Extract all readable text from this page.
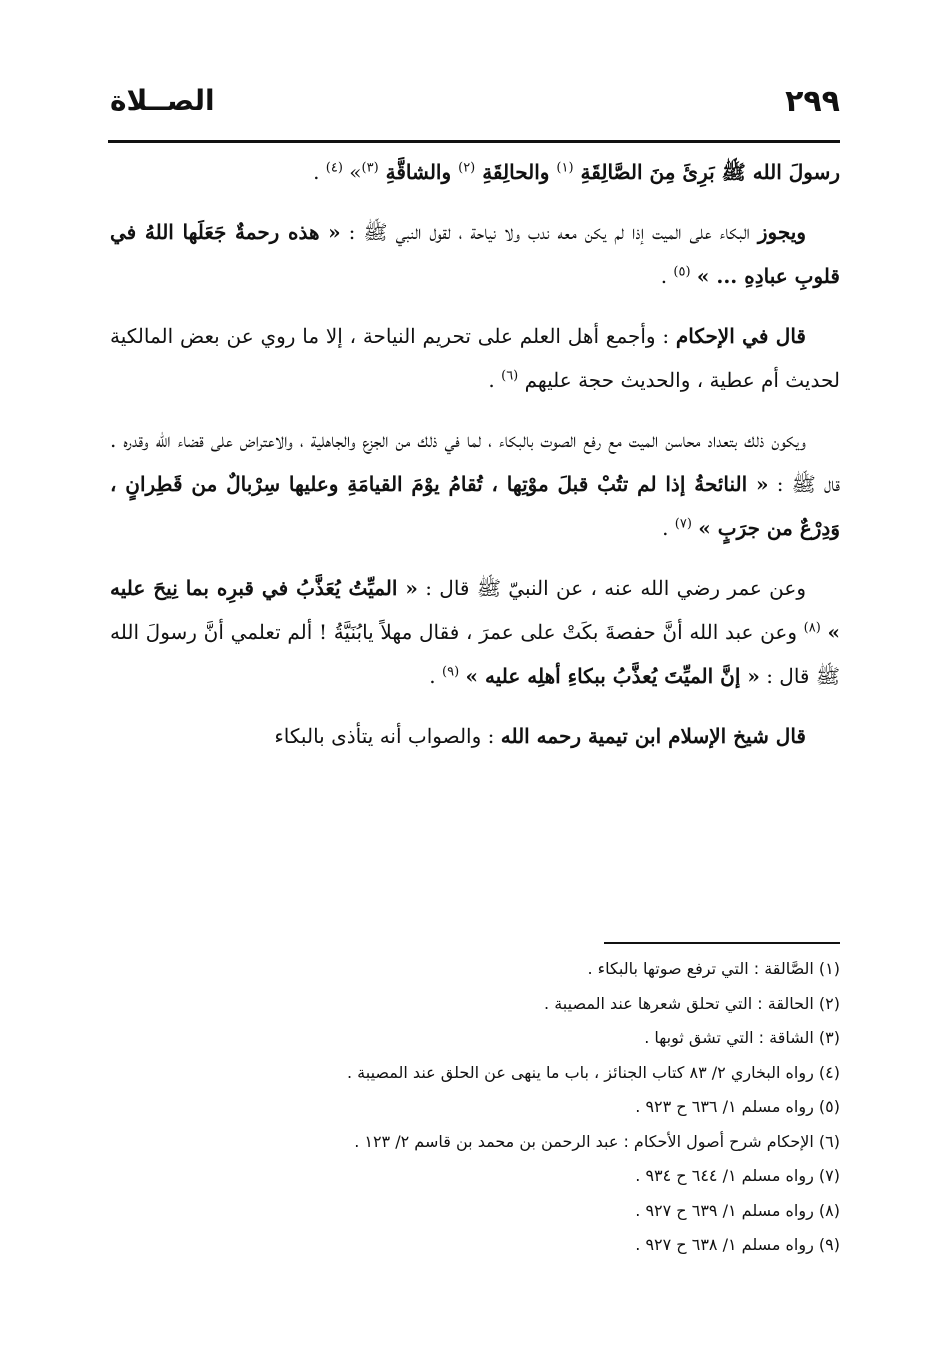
٢٩٩
الصــلاة

رسولَ الله ﷺ بَرِئَ مِنَ الصَّالِقَةِ $^{(١)}$ والحالِقَةِ $^{(٢)}$ والشاقَّةِ $^{(٣)}$» $^{(٤)}$ .

ويجوز البكاء على الميت إذا لم يكن معه ندب ولا نياحة ، لقول النبي ﷺ : « هذه رحمةٌ جَعَلَها اللهُ في قلوبِ عبادِهِ ... » $^{(٥)}$ .

قال في الإحكام : وأجمع أهل العلم على تحريم النياحة ، إلا ما روي عن بعض المالكية لحديث أم عطية ، والحديث حجة عليهم $^{(٦)}$ .

ويكون ذلك بتعداد محاسن الميت مع رفع الصوت بالبكاء ، لما في ذلك من الجزع والجاهلية ، والاعتراض على قضاء الله وقدره . قال ﷺ : « النائحةُ إذا لم تتُبْ قبلَ موْتِها ، تُقامُ يوْمَ القيامَةِ وعليها سِرْبالٌ من قَطِرانٍ ، وَدِرْعٌ من جرَبٍ » $^{(٧)}$ .

وعن عمر رضي الله عنه ، عن النبيّ ﷺ قال : « الميِّتُ يُعَذَّبُ في قبرِه بما نِيحَ عليه » $^{(٨)}$ وعن عبد الله أنَّ حفصةَ بكَتْ على عمرَ ، فقال مهلاً يابُنَيَّةُ ! ألم تعلمي أنَّ رسولَ الله ﷺ قال : « إنَّ الميِّتَ يُعذَّبُ ببكاءِ أهلِه عليه » $^{(٩)}$ .

قال شيخ الإسلام ابن تيمية رحمه الله : والصواب أنه يتأذى بالبكاء

(١) الصَّالقة : التي ترفع صوتها بالبكاء .
(٢) الحالقة : التي تحلق شعرها عند المصيبة .
(٣) الشاقة : التي تشق ثوبها .
(٤) رواه البخاري ٢/ ٨٣ كتاب الجنائز ، باب ما ينهى عن الحلق عند المصيبة .
(٥) رواه مسلم ١/ ٦٣٦ ح ٩٢٣ .
(٦) الإحكام شرح أصول الأحكام : عبد الرحمن بن محمد بن قاسم ٢/ ١٢٣ .
(٧) رواه مسلم ١/ ٦٤٤ ح ٩٣٤ .
(٨) رواه مسلم ١/ ٦٣٩ ح ٩٢٧ .
(٩) رواه مسلم ١/ ٦٣٨ ح ٩٢٧ .
